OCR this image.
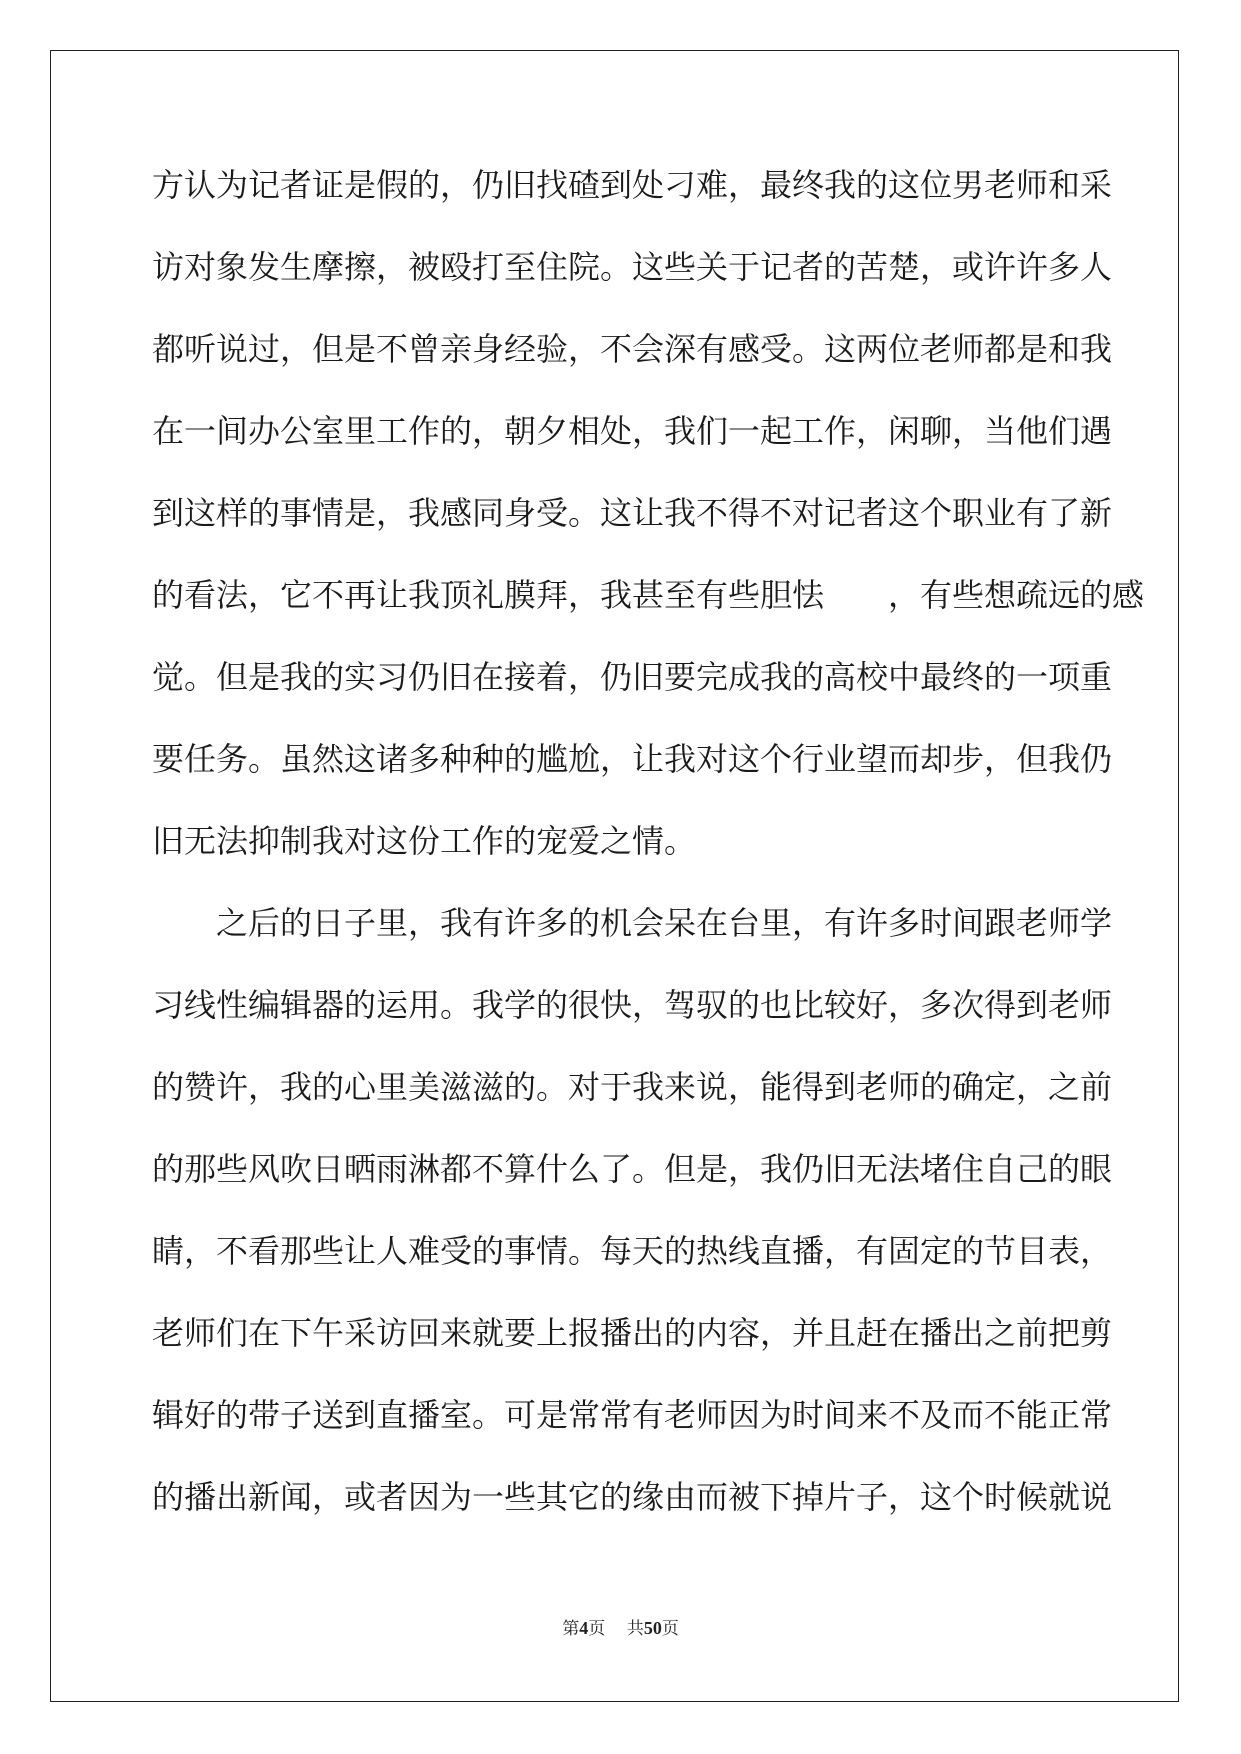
方认为记者证是假的，仍旧找碴到处刁难，最终我的这位男老师和采
访对象发生摩擦，被殴打至住院。这些关于记者的苦楚，或许许多人
都听说过，但是不曾亲身经验，不会深有感受。这两位老师都是和我
在一间办公室里工作的，朝夕相处，我们一起工作，闲聊，当他们遇
到这样的事情是，我感同身受。这让我不得不对记者这个职业有了新
的看法，它不再让我顶礼膜拜，我甚至有些胆怯　　，有些想疏远的感
觉。但是我的实习仍旧在接着，仍旧要完成我的高校中最终的一项重
要任务。虽然这诸多种种的尴尬，让我对这个行业望而却步，但我仍
旧无法抑制我对这份工作的宠爱之情。
　　之后的日子里，我有许多的机会呆在台里，有许多时间跟老师学
习线性编辑器的运用。我学的很快，驾驭的也比较好，多次得到老师
的赞许，我的心里美滋滋的。对于我来说，能得到老师的确定，之前
的那些风吹日晒雨淋都不算什么了。但是，我仍旧无法堵住自己的眼
睛，不看那些让人难受的事情。每天的热线直播，有固定的节目表，
老师们在下午采访回来就要上报播出的内容，并且赶在播出之前把剪
辑好的带子送到直播室。可是常常有老师因为时间来不及而不能正常
的播出新闻，或者因为一些其它的缘由而被下掉片子，这个时候就说
第4页 共50页
